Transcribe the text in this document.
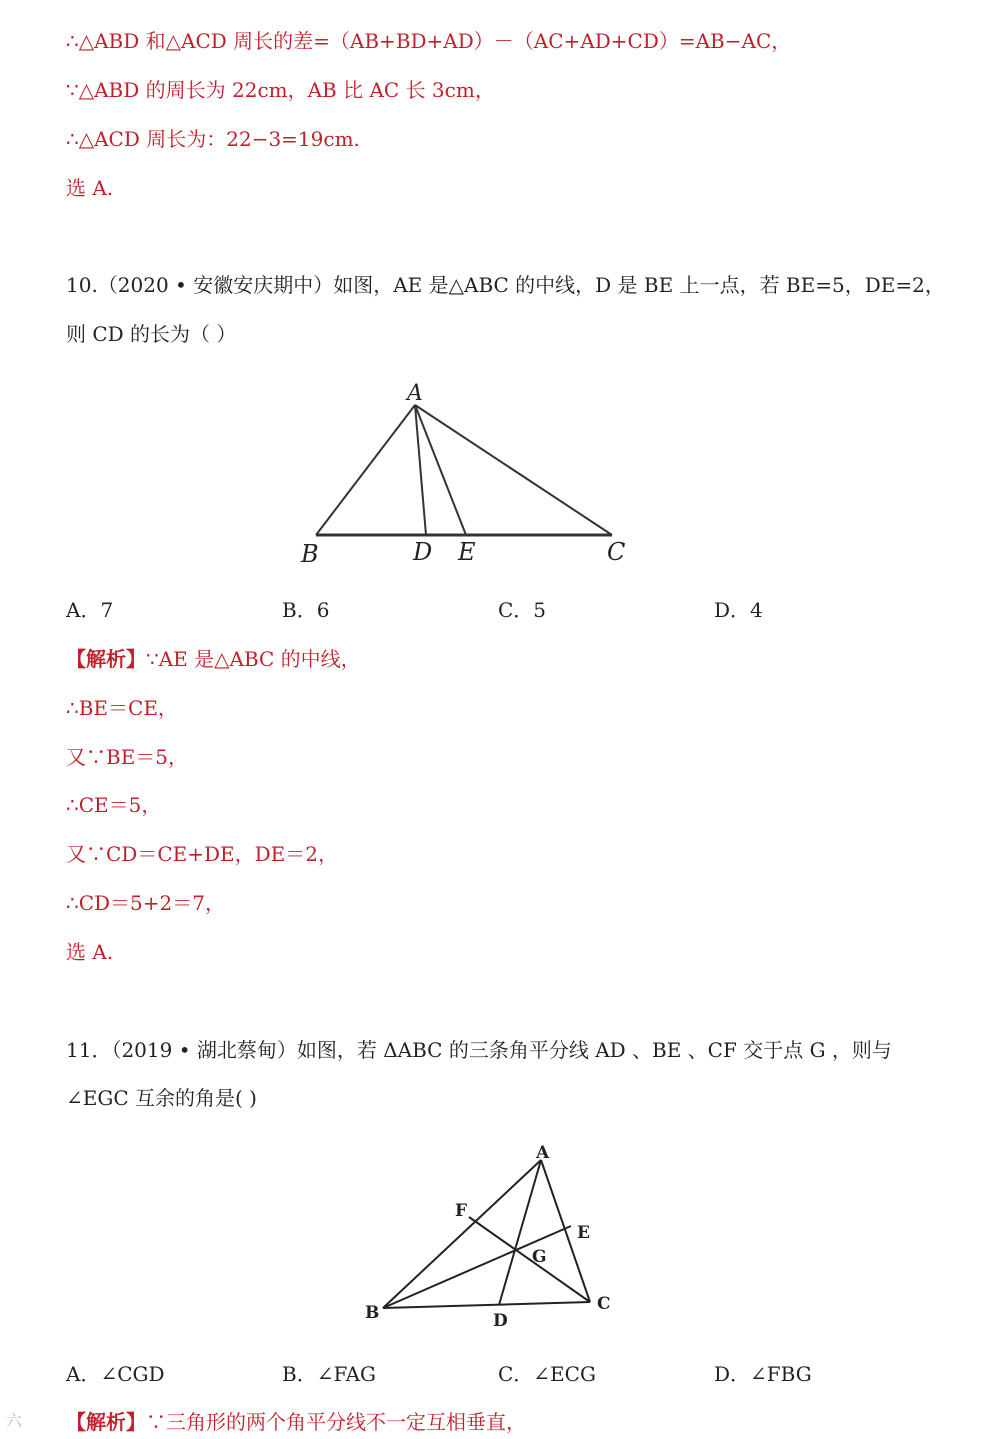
∴△ABD 和△ACD 周长的差=（AB+BD+AD）－（AC+AD+CD）=AB−AC，
∵△ABD 的周长为 22cm，AB 比 AC 长 3cm，
∴△ACD 周长为：22−3=19cm.
选 A.
10.（2020 • 安徽安庆期中）如图，AE 是△ABC 的中线，D 是 BE 上一点，若 BE=5，DE=2，
则 CD 的长为（ ）
A
B	D E	C
A
F
E
G
B	C
D
A．7	B．6	C．5	D．4
【解析】∵AE 是△ABC 的中线，
∴BE＝CE，
又∵BE＝5，
∴CE＝5，
又∵CD＝CE+DE，DE＝2，
∴CD＝5+2＝7，
选 A.
11．（2019 • 湖北蔡甸）如图，若 ΔABC 的三条角平分线 AD 、BE 、CF 交于点 G ，则与
∠EGC 互余的角是( )
A．∠CGD	B．∠FAG	C．∠ECG	D．∠FBG
【解析】∵三角形的两个角平分线不一定互相垂直，
六
